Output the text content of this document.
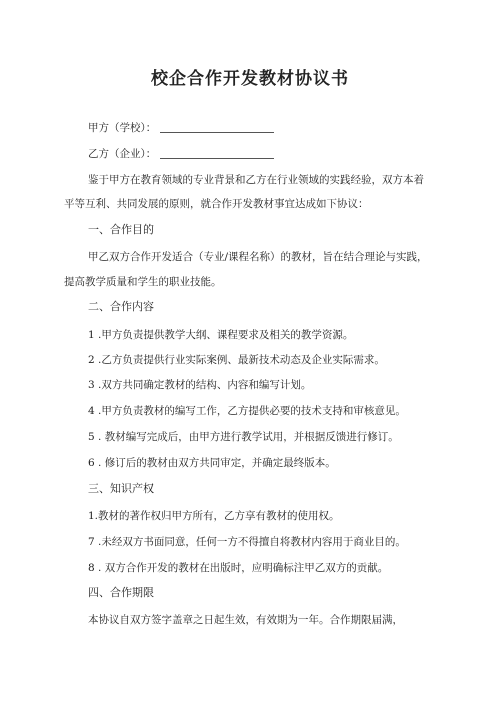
校企合作开发教材协议书
甲方（学校）：
乙方（企业）：
鉴于甲方在教育领域的专业背景和乙方在行业领域的实践经验，双方本着
平等互利、共同发展的原则，就合作开发教材事宜达成如下协议：
一、合作目的
甲乙双方合作开发适合（专业/课程名称）的教材，旨在结合理论与实践，
提高教学质量和学生的职业技能。
二、合作内容
1 .甲方负责提供教学大纲、课程要求及相关的教学资源。
2 .乙方负责提供行业实际案例、最新技术动态及企业实际需求。
3 .双方共同确定教材的结构、内容和编写计划。
4 .甲方负责教材的编写工作，乙方提供必要的技术支持和审核意见。
5 . 教材编写完成后，由甲方进行教学试用，并根据反馈进行修订。
6 . 修订后的教材由双方共同审定，并确定最终版本。
三、知识产权
1.教材的著作权归甲方所有，乙方享有教材的使用权。
7 .未经双方书面同意，任何一方不得擅自将教材内容用于商业目的。
8 . 双方合作开发的教材在出版时，应明确标注甲乙双方的贡献。
四、合作期限
本协议自双方签字盖章之日起生效，有效期为一年。合作期限届满，
